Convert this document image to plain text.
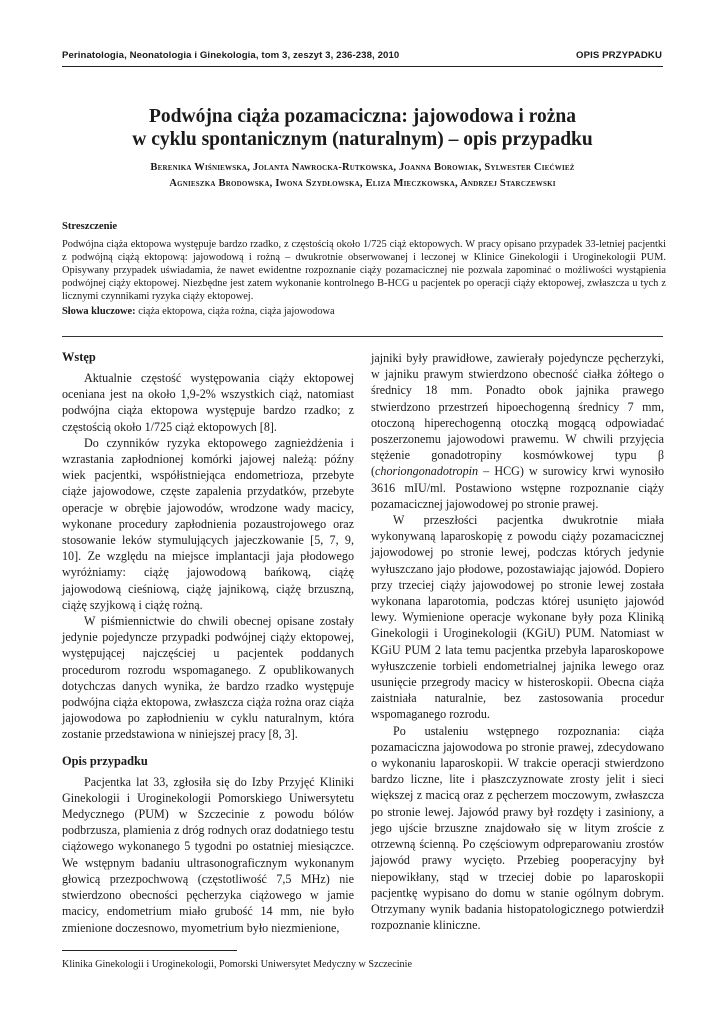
Perinatologia, Neonatologia i Ginekologia, tom 3, zeszyt 3, 236-238, 2010	OPIS PRZYPADKU
Podwójna ciąża pozamaciczna: jajowodowa i rożna
w cyklu spontanicznym (naturalnym) – opis przypadku

Berenika Wiśniewska, Jolanta Nawrocka-Rutkowska, Joanna Borowiak, Sylwester Ciećwież
Agnieszka Brodowska, Iwona Szydłowska, Eliza Mieczkowska, Andrzej Starczewski

Streszczenie

Podwójna ciąża ektopowa występuje bardzo rzadko, z częstością około 1/725 ciąż ektopowych. W pracy opisano przypadek 33-letniej pacjentki z podwójną ciążą ektopową: jajowodową i rożną – dwukrotnie obserwowanej i leczonej w Klinice Ginekologii i Uroginekologii PUM. Opisywany przypadek uświadamia, że nawet ewidentne rozpoznanie ciąży pozamacicznej nie pozwala zapominać o możliwości wystąpienia podwójnej ciąży ektopowej. Niezbędne jest zatem wykonanie kontrolnego B-HCG u pacjentek po operacji ciąży ektopowej, zwłaszcza u tych z licznymi czynnikami ryzyka ciąży ektopowej.

Słowa kluczowe: ciąża ektopowa, ciąża rożna, ciąża jajowodowa

Wstęp

Aktualnie częstość występowania ciąży ektopowej oceniana jest na około 1,9-2% wszystkich ciąż, natomiast podwójna ciąża ektopowa występuje bardzo rzadko; z częstością około 1/725 ciąż ektopowych [8].

Do czynników ryzyka ektopowego zagnieżdżenia i wzrastania zapłodnionej komórki jajowej należą: późny wiek pacjentki, współistniejąca endometrioza, przebyte ciąże jajowodowe, częste zapalenia przydatków, przebyte operacje w obrębie jajowodów, wrodzone wady macicy, wykonane procedury zapłodnienia pozaustrojowego oraz stosowanie leków stymulujących jajeczkowanie [5, 7, 9, 10]. Ze względu na miejsce implantacji jaja płodowego wyróżniamy: ciążę jajowodową bańkową, ciążę jajowodową cieśniową, ciążę jajnikową, ciążę brzuszną, ciążę szyjkową i ciążę rożną.

W piśmiennictwie do chwili obecnej opisane zostały jedynie pojedyncze przypadki podwójnej ciąży ektopowej, występującej najczęściej u pacjentek poddanych procedurom rozrodu wspomaganego. Z opublikowanych dotychczas danych wynika, że bardzo rzadko występuje podwójna ciąża ektopowa, zwłaszcza ciąża rożna oraz ciąża jajowodowa po zapłodnieniu w cyklu naturalnym, która zostanie przedstawiona w niniejszej pracy [8, 3].

Opis przypadku

Pacjentka lat 33, zgłosiła się do Izby Przyjęć Kliniki Ginekologii i Uroginekologii Pomorskiego Uniwersytetu Medycznego (PUM) w Szczecinie z powodu bólów podbrzusza, plamienia z dróg rodnych oraz dodatniego testu ciążowego wykonanego 5 tygodni po ostatniej miesiączce. We wstępnym badaniu ultrasonograficznym wykonanym głowicą przezpochwową (częstotliwość 7,5 MHz) nie stwierdzono obecności pęcherzyka ciążowego w jamie macicy, endometrium miało grubość 14 mm, nie było zmienione doczesnowo, myometrium było niezmienione,

jajniki były prawidłowe, zawierały pojedyncze pęcherzyki, w jajniku prawym stwierdzono obecność ciałka żółtego o średnicy 18 mm. Ponadto obok jajnika prawego stwierdzono przestrzeń hipoechogenną średnicy 7 mm, otoczoną hiperechogenną otoczką mogącą odpowiadać poszerzonemu jajowodowi prawemu. W chwili przyjęcia stężenie gonadotropiny kosmówkowej typu β (choriongonadotropin – HCG) w surowicy krwi wynosiło 3616 mIU/ml. Postawiono wstępne rozpoznanie ciąży pozamacicznej jajowodowej po stronie prawej.

W przeszłości pacjentka dwukrotnie miała wykonywaną laparoskopię z powodu ciąży pozamacicznej jajowodowej po stronie lewej, podczas których jedynie wyłuszczano jajo płodowe, pozostawiając jajowód. Dopiero przy trzeciej ciąży jajowodowej po stronie lewej została wykonana laparotomia, podczas której usunięto jajowód lewy. Wymienione operacje wykonane były poza Kliniką Ginekologii i Uroginekologii (KGiU) PUM. Natomiast w KGiU PUM 2 lata temu pacjentka przebyła laparoskopowe wyłuszczenie torbieli endometrialnej jajnika lewego oraz usunięcie przegrody macicy w histeroskopii. Obecna ciąża zaistniała naturalnie, bez zastosowania procedur wspomaganego rozrodu.

Po ustaleniu wstępnego rozpoznania: ciąża pozamaciczna jajowodowa po stronie prawej, zdecydowano o wykonaniu laparoskopii. W trakcie operacji stwierdzono bardzo liczne, lite i płaszczyznowate zrosty jelit i sieci większej z macicą oraz z pęcherzem moczowym, zwłaszcza po stronie lewej. Jajowód prawy był rozdęty i zasiniony, a jego ujście brzuszne znajdowało się w litym zroście z otrzewną ścienną. Po częściowym odpreparowaniu zrostów jajowód prawy wycięto. Przebieg pooperacyjny był niepowikłany, stąd w trzeciej dobie po laparoskopii pacjentkę wypisano do domu w stanie ogólnym dobrym. Otrzymany wynik badania histopatologicznego potwierdził rozpoznanie kliniczne.

Klinika Ginekologii i Uroginekologii, Pomorski Uniwersytet Medyczny w Szczecinie
